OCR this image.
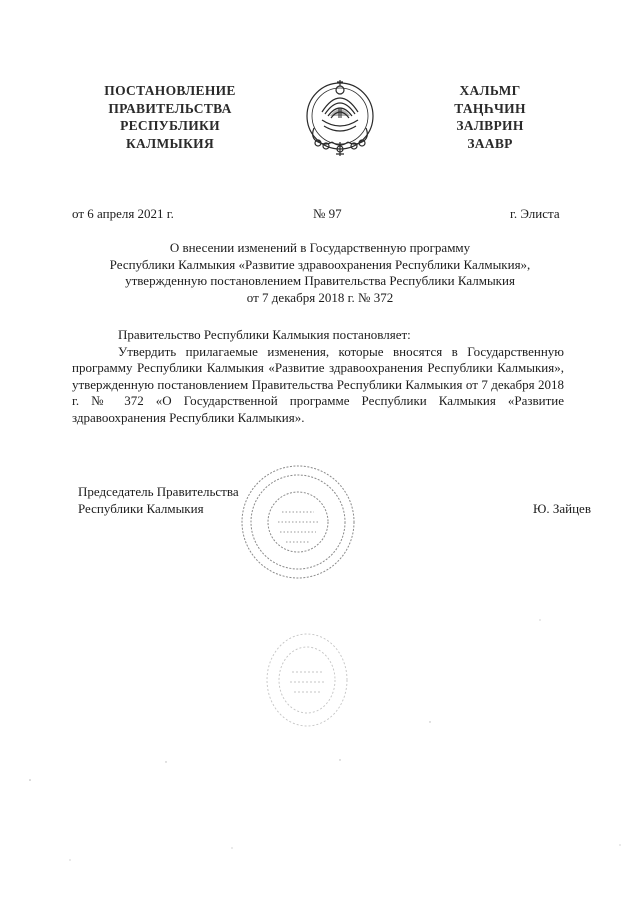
ПОСТАНОВЛЕНИЕ
ПРАВИТЕЛЬСТВА
РЕСПУБЛИКИ
КАЛМЫКИЯ
ХАЛЬМГ
ТАҢҺЧИН
ЗАЛВРИН
ЗААВР
от 6 апреля 2021 г.	№ 97	г. Элиста
О внесении изменений в Государственную программу
Республики Калмыкия «Развитие здравоохранения Республики Калмыкия»,
утвержденную постановлением Правительства Республики Калмыкия
от 7 декабря 2018 г. № 372
Правительство Республики Калмыкия постановляет:
Утвердить прилагаемые изменения, которые вносятся в Государственную программу Республики Калмыкия «Развитие здравоохранения Республики Калмыкия», утвержденную постановлением Правительства Республики Калмыкия от 7 декабря 2018 г. № 372 «О Государственной программе Республики Калмыкия «Развитие здравоохранения Республики Калмыкия».
Председатель Правительства
Республики Калмыкия	Ю. Зайцев
